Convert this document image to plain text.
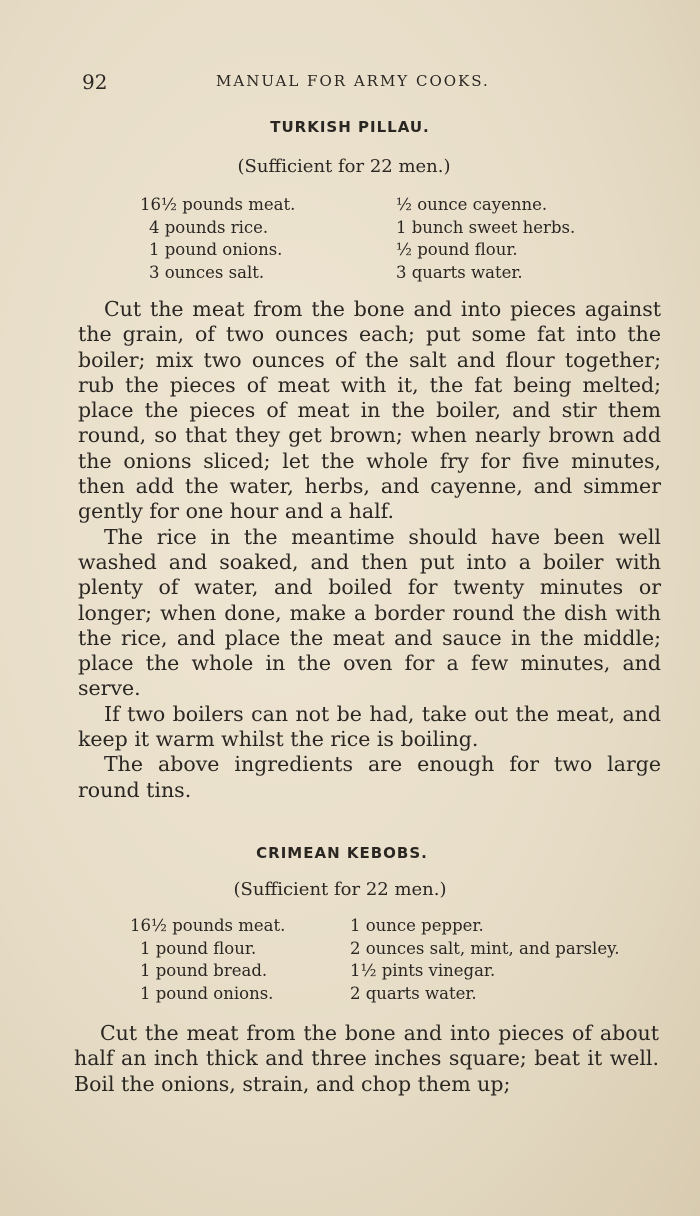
92	MANUAL FOR ARMY COOKS.
TURKISH PILLAU.
(Sufficient for 22 men.)
16½ pounds meat.
4 pounds rice.
1 pound onions.
3 ounces salt.
½ ounce cayenne.
1 bunch sweet herbs.
½ pound flour.
3 quarts water.

Cut the meat from the bone and into pieces against the grain, of two ounces each; put some fat into the boiler; mix two ounces of the salt and flour together; rub the pieces of meat with it, the fat being melted; place the pieces of meat in the boiler, and stir them round, so that they get brown; when nearly brown add the onions sliced; let the whole fry for five minutes, then add the water, herbs, and cayenne, and simmer gently for one hour and a half.

The rice in the meantime should have been well washed and soaked, and then put into a boiler with plenty of water, and boiled for twenty minutes or longer; when done, make a border round the dish with the rice, and place the meat and sauce in the middle; place the whole in the oven for a few minutes, and serve.

If two boilers can not be had, take out the meat, and keep it warm whilst the rice is boiling.

The above ingredients are enough for two large round tins.

CRIMEAN KEBOBS.
(Sufficient for 22 men.)
16½ pounds meat.
1 pound flour.
1 pound bread.
1 pound onions.
1 ounce pepper.
2 ounces salt, mint, and parsley.
1½ pints vinegar.
2 quarts water.

Cut the meat from the bone and into pieces of about half an inch thick and three inches square; beat it well. Boil the onions, strain, and chop them up;
